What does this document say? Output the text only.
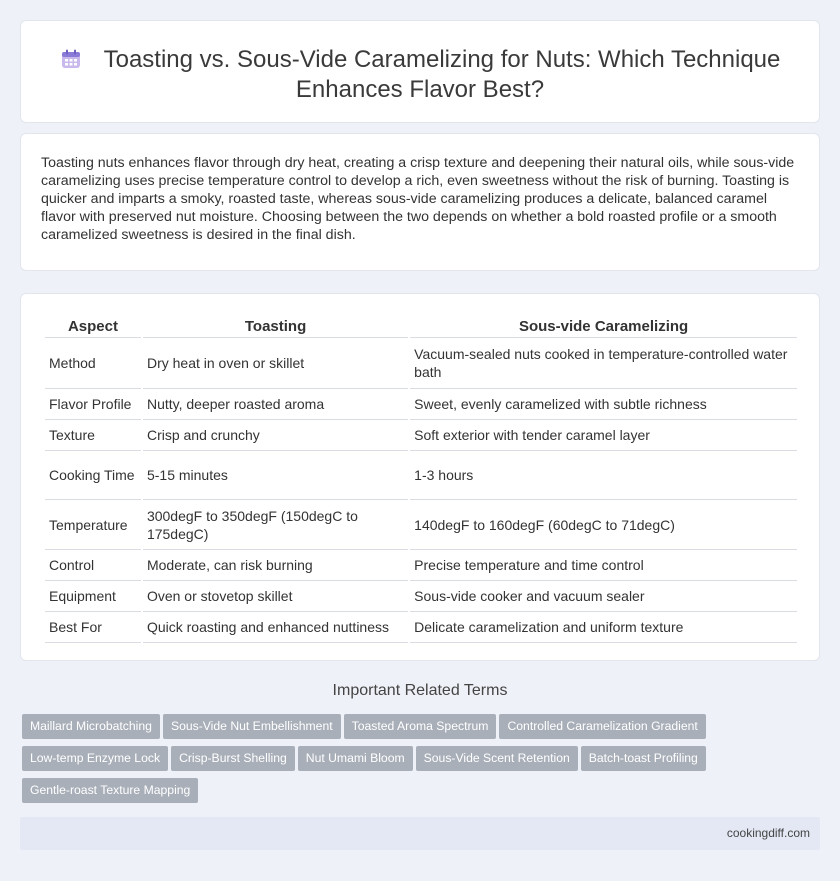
Toasting vs. Sous-Vide Caramelizing for Nuts: Which Technique Enhances Flavor Best?

Toasting nuts enhances flavor through dry heat, creating a crisp texture and deepening their natural oils, while sous-vide caramelizing uses precise temperature control to develop a rich, even sweetness without the risk of burning. Toasting is quicker and imparts a smoky, roasted taste, whereas sous-vide caramelizing produces a delicate, balanced caramel flavor with preserved nut moisture. Choosing between the two depends on whether a bold roasted profile or a smooth caramelized sweetness is desired in the final dish.

Aspect	Toasting	Sous-vide Caramelizing
Method	Dry heat in oven or skillet	Vacuum-sealed nuts cooked in temperature-controlled water bath
Flavor Profile	Nutty, deeper roasted aroma	Sweet, evenly caramelized with subtle richness
Texture	Crisp and crunchy	Soft exterior with tender caramel layer
Cooking Time	5-15 minutes	1-3 hours
Temperature	300degF to 350degF (150degC to 175degC)	140degF to 160degF (60degC to 71degC)
Control	Moderate, can risk burning	Precise temperature and time control
Equipment	Oven or stovetop skillet	Sous-vide cooker and vacuum sealer
Best For	Quick roasting and enhanced nuttiness	Delicate caramelization and uniform texture
Important Related Terms
Maillard Microbatching Sous-Vide Nut Embellishment Toasted Aroma Spectrum Controlled Caramelization Gradient
Low-temp Enzyme Lock Crisp-Burst Shelling Nut Umami Bloom Sous-Vide Scent Retention Batch-toast Profiling
Gentle-roast Texture Mapping
cookingdiff.com
